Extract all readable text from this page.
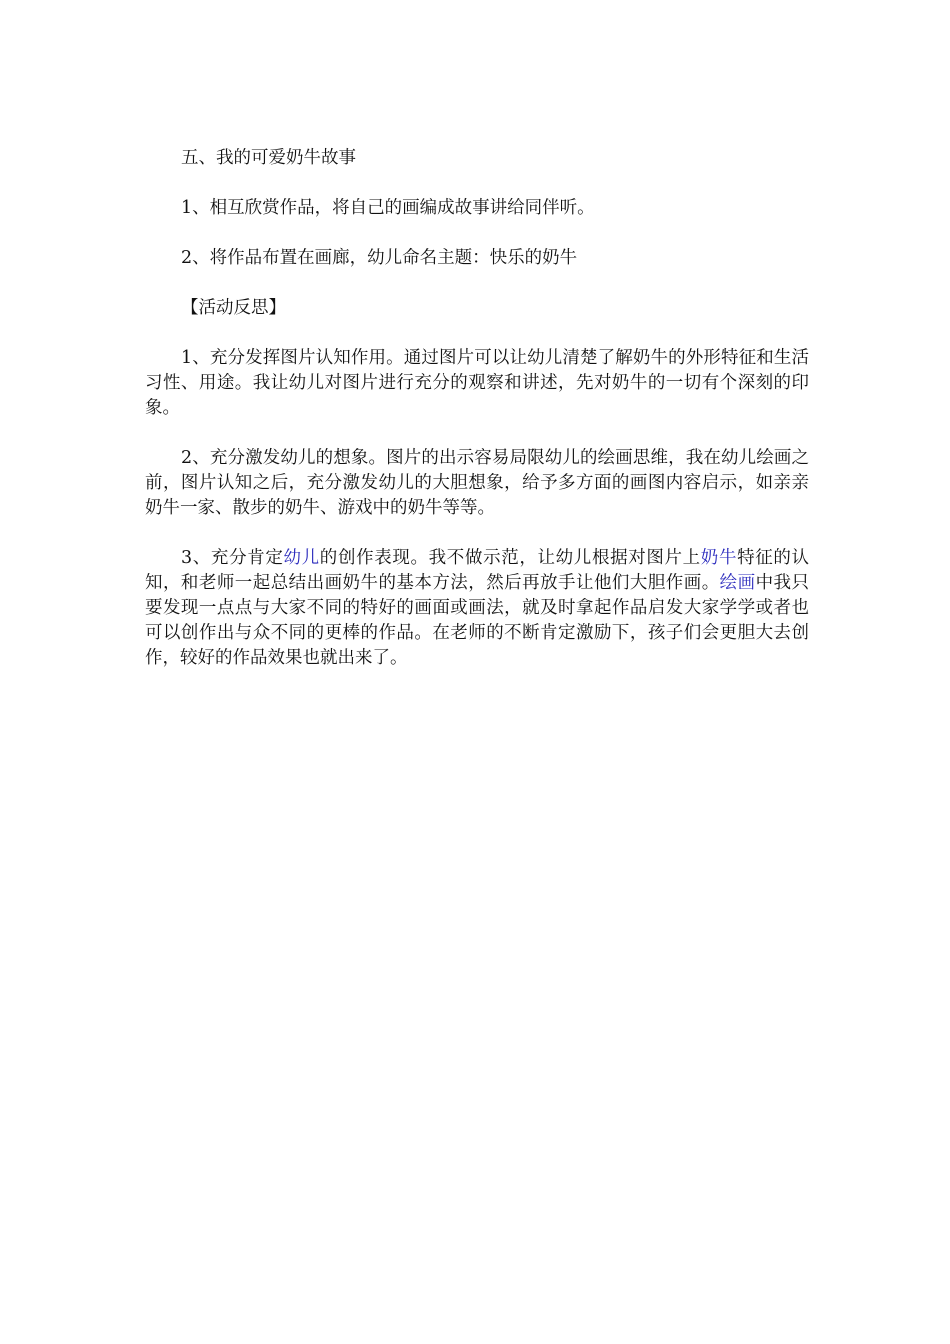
五、我的可爱奶牛故事

1、相互欣赏作品，将自己的画编成故事讲给同伴听。

2、将作品布置在画廊，幼儿命名主题：快乐的奶牛

【活动反思】

1、充分发挥图片认知作用。通过图片可以让幼儿清楚了解奶牛的外形特征和生活习性、用途。我让幼儿对图片进行充分的观察和讲述，先对奶牛的一切有个深刻的印象。

2、充分激发幼儿的想象。图片的出示容易局限幼儿的绘画思维，我在幼儿绘画之前，图片认知之后，充分激发幼儿的大胆想象，给予多方面的画图内容启示，如亲亲奶牛一家、散步的奶牛、游戏中的奶牛等等。

3、充分肯定幼儿的创作表现。我不做示范，让幼儿根据对图片上奶牛特征的认知，和老师一起总结出画奶牛的基本方法，然后再放手让他们大胆作画。绘画中我只要发现一点点与大家不同的特好的画面或画法，就及时拿起作品启发大家学学或者也可以创作出与众不同的更棒的作品。在老师的不断肯定激励下，孩子们会更胆大去创作，较好的作品效果也就出来了。
